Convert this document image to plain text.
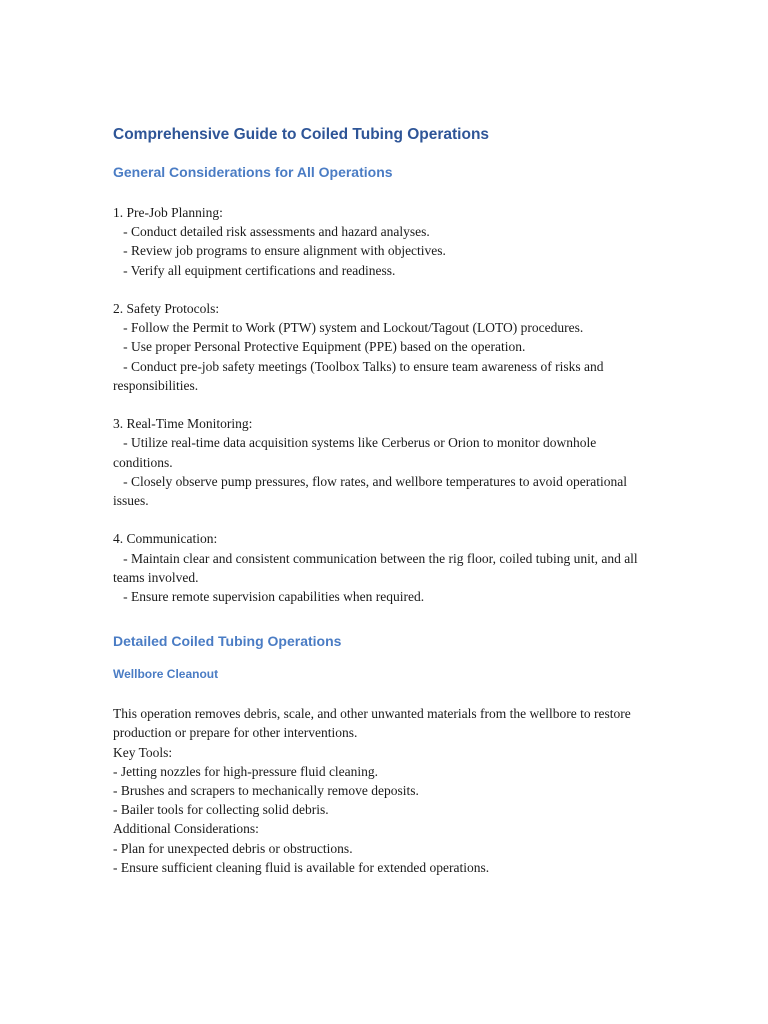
Comprehensive Guide to Coiled Tubing Operations
General Considerations for All Operations
1. Pre-Job Planning:
- Conduct detailed risk assessments and hazard analyses.
- Review job programs to ensure alignment with objectives.
- Verify all equipment certifications and readiness.
2. Safety Protocols:
- Follow the Permit to Work (PTW) system and Lockout/Tagout (LOTO) procedures.
- Use proper Personal Protective Equipment (PPE) based on the operation.
- Conduct pre-job safety meetings (Toolbox Talks) to ensure team awareness of risks and responsibilities.
3. Real-Time Monitoring:
- Utilize real-time data acquisition systems like Cerberus or Orion to monitor downhole conditions.
- Closely observe pump pressures, flow rates, and wellbore temperatures to avoid operational issues.
4. Communication:
- Maintain clear and consistent communication between the rig floor, coiled tubing unit, and all teams involved.
- Ensure remote supervision capabilities when required.
Detailed Coiled Tubing Operations
Wellbore Cleanout
This operation removes debris, scale, and other unwanted materials from the wellbore to restore production or prepare for other interventions.
Key Tools:
- Jetting nozzles for high-pressure fluid cleaning.
- Brushes and scrapers to mechanically remove deposits.
- Bailer tools for collecting solid debris.
Additional Considerations:
- Plan for unexpected debris or obstructions.
- Ensure sufficient cleaning fluid is available for extended operations.
